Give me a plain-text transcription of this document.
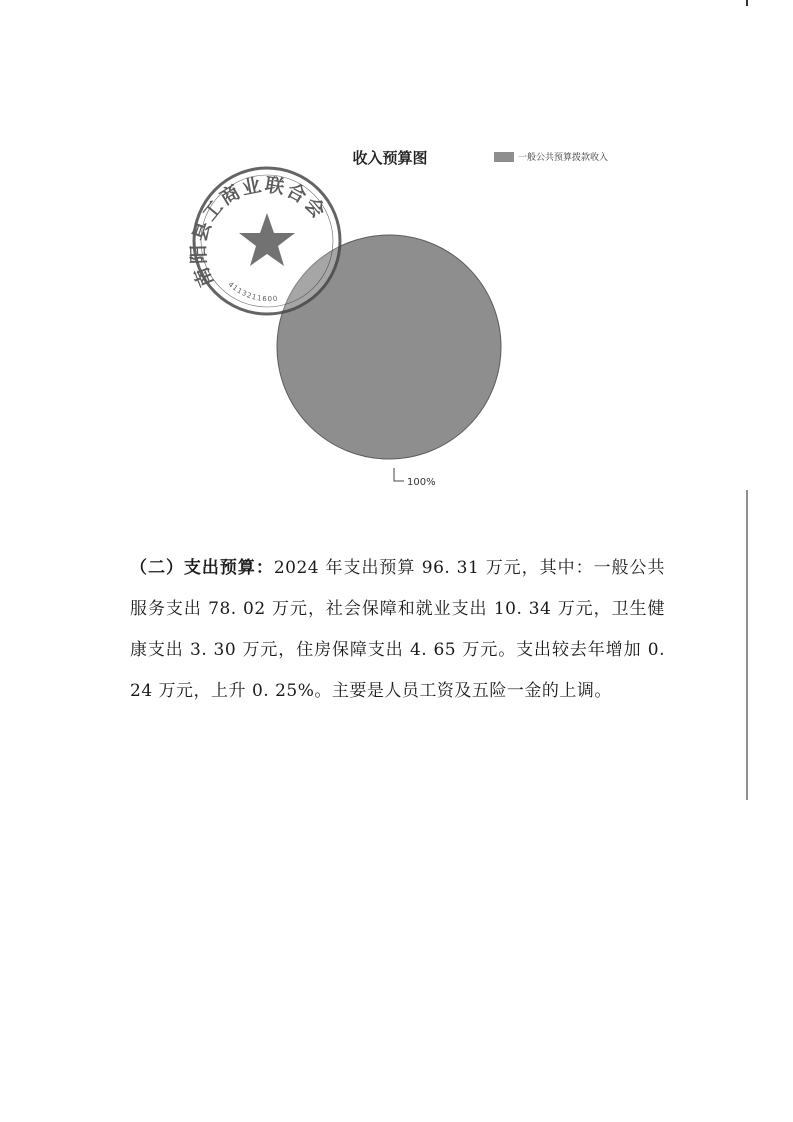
收入预算图	一般公共预算拨款收入
100%
南阳县工商业联合会
4113211600

（二）支出预算：2024 年支出预算 96. 31 万元，其中：一般公共服务支出 78. 02 万元，社会保障和就业支出 10. 34 万元，卫生健康支出 3. 30 万元，住房保障支出 4. 65 万元。支出较去年增加 0. 24 万元，上升 0. 25%。主要是人员工资及五险一金的上调。
